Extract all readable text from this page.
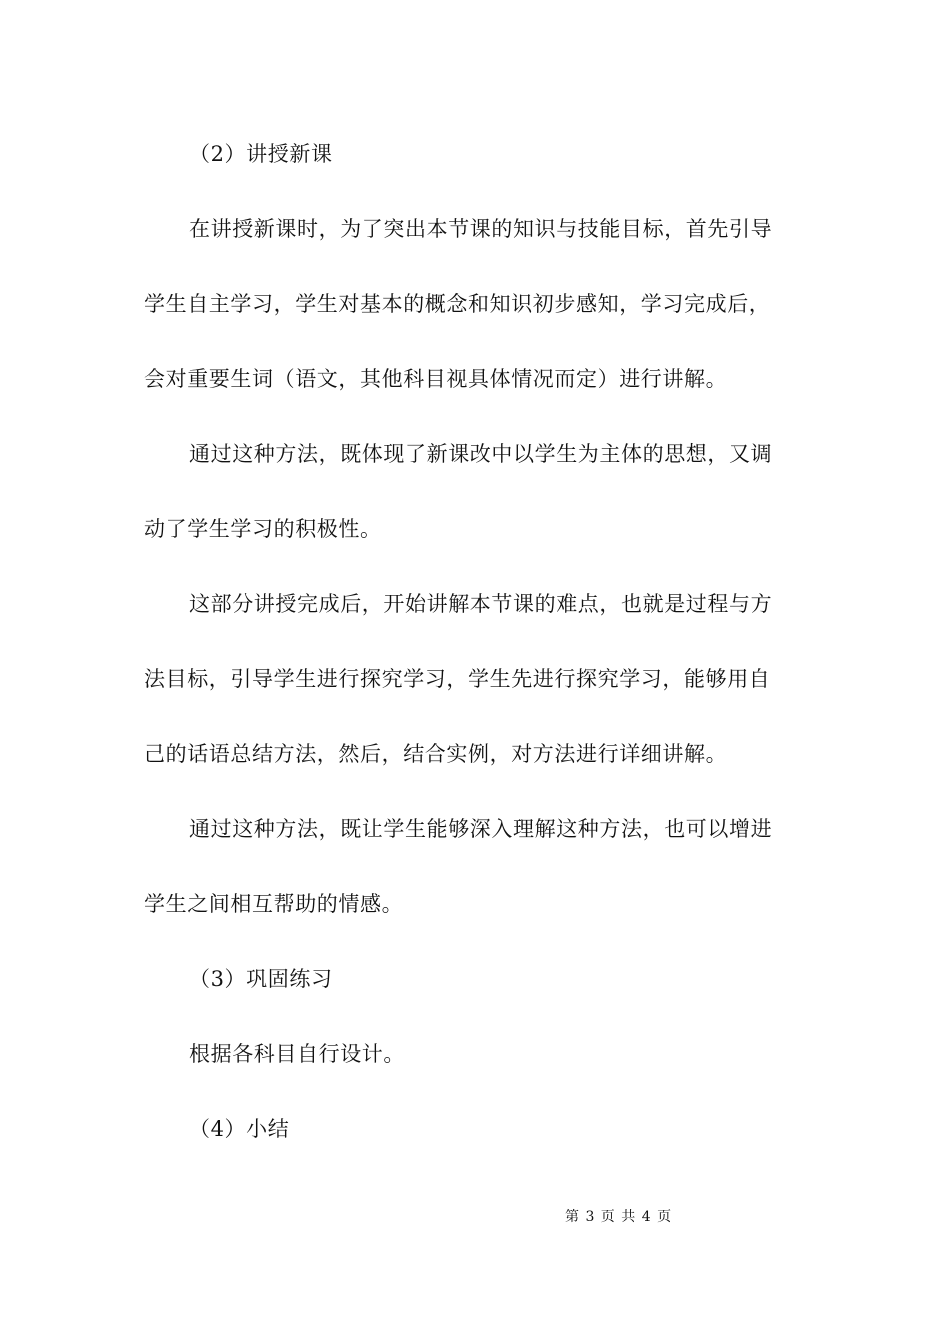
（2）讲授新课
在讲授新课时，为了突出本节课的知识与技能目标，首先引导
学生自主学习，学生对基本的概念和知识初步感知，学习完成后，
会对重要生词（语文，其他科目视具体情况而定）进行讲解。
通过这种方法，既体现了新课改中以学生为主体的思想，又调
动了学生学习的积极性。
这部分讲授完成后，开始讲解本节课的难点，也就是过程与方
法目标，引导学生进行探究学习，学生先进行探究学习，能够用自
己的话语总结方法，然后，结合实例，对方法进行详细讲解。
通过这种方法，既让学生能够深入理解这种方法，也可以增进
学生之间相互帮助的情感。
（3）巩固练习
根据各科目自行设计。
（4）小结
第 3 页 共 4 页
